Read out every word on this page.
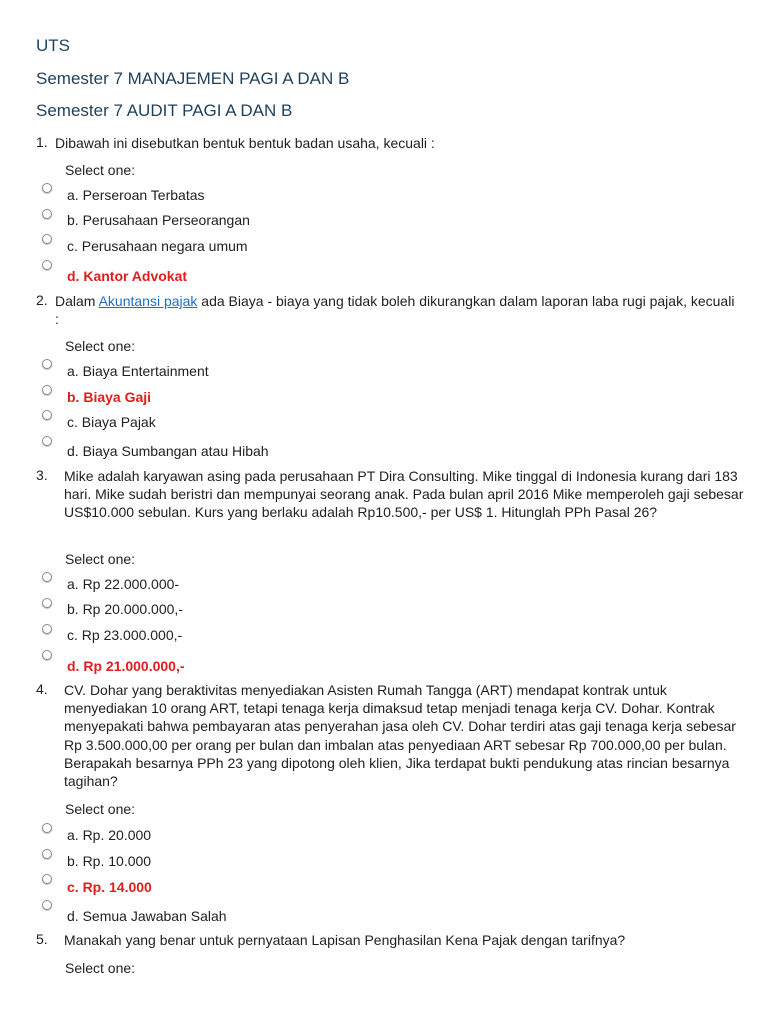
UTS
Semester 7 MANAJEMEN PAGI A DAN B
Semester 7 AUDIT PAGI A DAN B
1. Dibawah ini disebutkan bentuk bentuk badan usaha, kecuali :
Select one:
a. Perseroan Terbatas
b. Perusahaan Perseorangan
c. Perusahaan negara umum
d. Kantor Advokat
2. Dalam Akuntansi pajak ada Biaya - biaya yang tidak boleh dikurangkan dalam laporan laba rugi pajak, kecuali :
Select one:
a. Biaya Entertainment
b. Biaya Gaji
c. Biaya Pajak
d. Biaya Sumbangan atau Hibah
3. Mike adalah karyawan asing pada perusahaan PT Dira Consulting. Mike tinggal di Indonesia kurang dari 183 hari. Mike sudah beristri dan mempunyai seorang anak. Pada bulan april 2016 Mike memperoleh gaji sebesar US$10.000 sebulan. Kurs yang berlaku adalah Rp10.500,- per US$ 1. Hitunglah PPh Pasal 26?
Select one:
a. Rp 22.000.000-
b. Rp 20.000.000,-
c. Rp 23.000.000,-
d. Rp 21.000.000,-
4. CV. Dohar yang beraktivitas menyediakan Asisten Rumah Tangga (ART) mendapat kontrak untuk menyediakan 10 orang ART, tetapi tenaga kerja dimaksud tetap menjadi tenaga kerja CV. Dohar. Kontrak menyepakati bahwa pembayaran atas penyerahan jasa oleh CV. Dohar terdiri atas gaji tenaga kerja sebesar Rp 3.500.000,00 per orang per bulan dan imbalan atas penyediaan ART sebesar Rp 700.000,00 per bulan. Berapakah besarnya PPh 23 yang dipotong oleh klien, Jika terdapat bukti pendukung atas rincian besarnya tagihan?
Select one:
a. Rp. 20.000
b. Rp. 10.000
c. Rp. 14.000
d. Semua Jawaban Salah
5. Manakah yang benar untuk pernyataan Lapisan Penghasilan Kena Pajak dengan tarifnya?
Select one:
